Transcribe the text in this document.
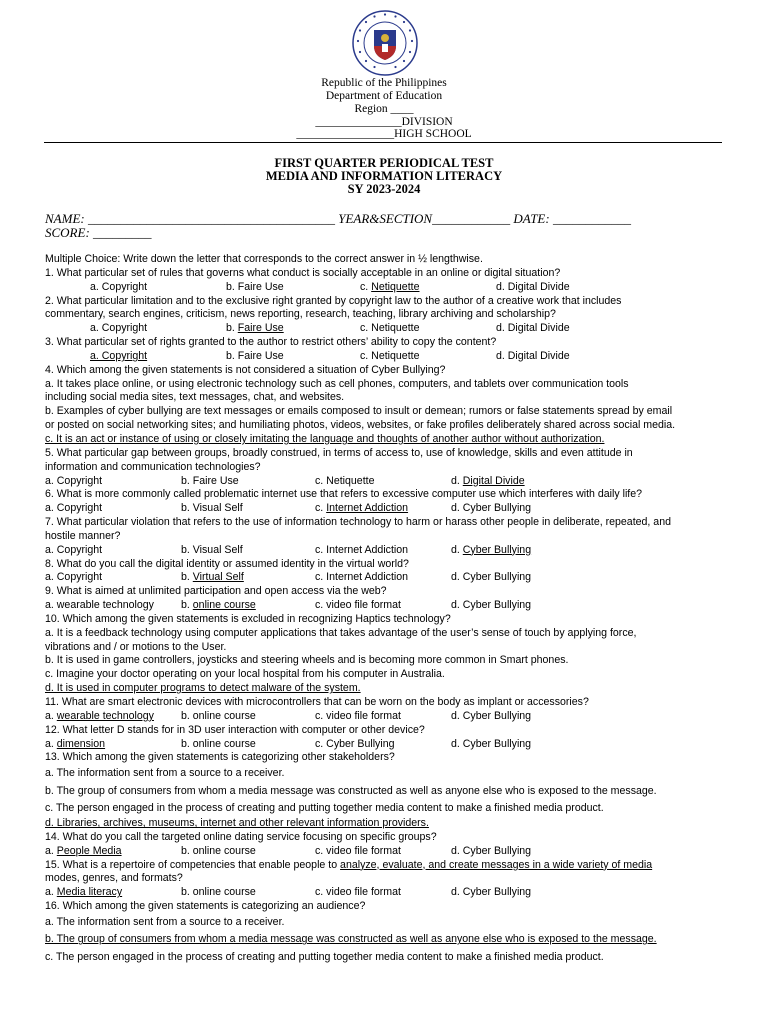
Republic of the Philippines
Department of Education
Region ____
_______________DIVISION
_________________HIGH SCHOOL
FIRST QUARTER PERIODICAL TEST
MEDIA AND INFORMATION LITERACY
SY 2023-2024
NAME: ______________________________________ YEAR&SECTION____________ DATE: ____________
SCORE: _________
Multiple Choice: Write down the letter that corresponds to the correct answer in ½ lengthwise.
1. What particular set of rules that governs what conduct is socially acceptable in an online or digital situation?
a. Copyright	b. Faire Use	c. Netiquette	d. Digital Divide
2. What particular limitation and to the exclusive right granted by copyright law to the author of a creative work that includes
commentary, search engines, criticism, news reporting, research, teaching, library archiving and scholarship?
a. Copyright	b. Faire Use	c. Netiquette	d. Digital Divide
3. What particular set of rights granted to the author to restrict others’ ability to copy the content?
a. Copyright	b. Faire Use	c. Netiquette	d. Digital Divide
4. Which among the given statements is not considered a situation of Cyber Bullying?
a. It takes place online, or using electronic technology such as cell phones, computers, and tablets over communication tools
including social media sites, text messages, chat, and websites.
b. Examples of cyber bullying are text messages or emails composed to insult or demean; rumors or false statements spread by email
or posted on social networking sites; and humiliating photos, videos, websites, or fake profiles deliberately shared across social media.
c. It is an act or instance of using or closely imitating the language and thoughts of another author without authorization.
5. What particular gap between groups, broadly construed, in terms of access to, use of knowledge, skills and even attitude in
information and communication technologies?
a. Copyright	b. Faire Use	c. Netiquette	d. Digital Divide
6. What is more commonly called problematic internet use that refers to excessive computer use which interferes with daily life?
a. Copyright	b. Visual Self	c. Internet Addiction	d. Cyber Bullying
7. What particular violation that refers to the use of information technology to harm or harass other people in deliberate, repeated, and
hostile manner?
a. Copyright	b. Visual Self	c. Internet Addiction	d. Cyber Bullying
8. What do you call the digital identity or assumed identity in the virtual world?
a. Copyright	b. Virtual Self	c. Internet Addiction	d. Cyber Bullying
9. What is aimed at unlimited participation and open access via the web?
a. wearable technology	b. online course	c. video file format	d. Cyber Bullying
10. Which among the given statements is excluded in recognizing Haptics technology?
a. It is a feedback technology using computer applications that takes advantage of the user’s sense of touch by applying force,
vibrations and / or motions to the User.
b. It is used in game controllers, joysticks and steering wheels and is becoming more common in Smart phones.
c. Imagine your doctor operating on your local hospital from his computer in Australia.
d. It is used in computer programs to detect malware of the system.
11. What are smart electronic devices with microcontrollers that can be worn on the body as implant or accessories?
a. wearable technology	b. online course	c. video file format	d. Cyber Bullying
12. What letter D stands for in 3D user interaction with computer or other device?
a. dimension	b. online course	c. Cyber Bullying	d. Cyber Bullying
13. Which among the given statements is categorizing other stakeholders?
a. The information sent from a source to a receiver.
b. The group of consumers from whom a media message was constructed as well as anyone else who is exposed to the message.
c. The person engaged in the process of creating and putting together media content to make a finished media product.
d. Libraries, archives, museums, internet and other relevant information providers.
14. What do you call the targeted online dating service focusing on specific groups?
a. People Media	b. online course	c. video file format	d. Cyber Bullying
15. What is a repertoire of competencies that enable people to analyze, evaluate, and create messages in a wide variety of media
modes, genres, and formats?
a. Media literacy	b. online course	c. video file format	d. Cyber Bullying
16. Which among the given statements is categorizing an audience?
a. The information sent from a source to a receiver.
b. The group of consumers from whom a media message was constructed as well as anyone else who is exposed to the message.
c. The person engaged in the process of creating and putting together media content to make a finished media product.
